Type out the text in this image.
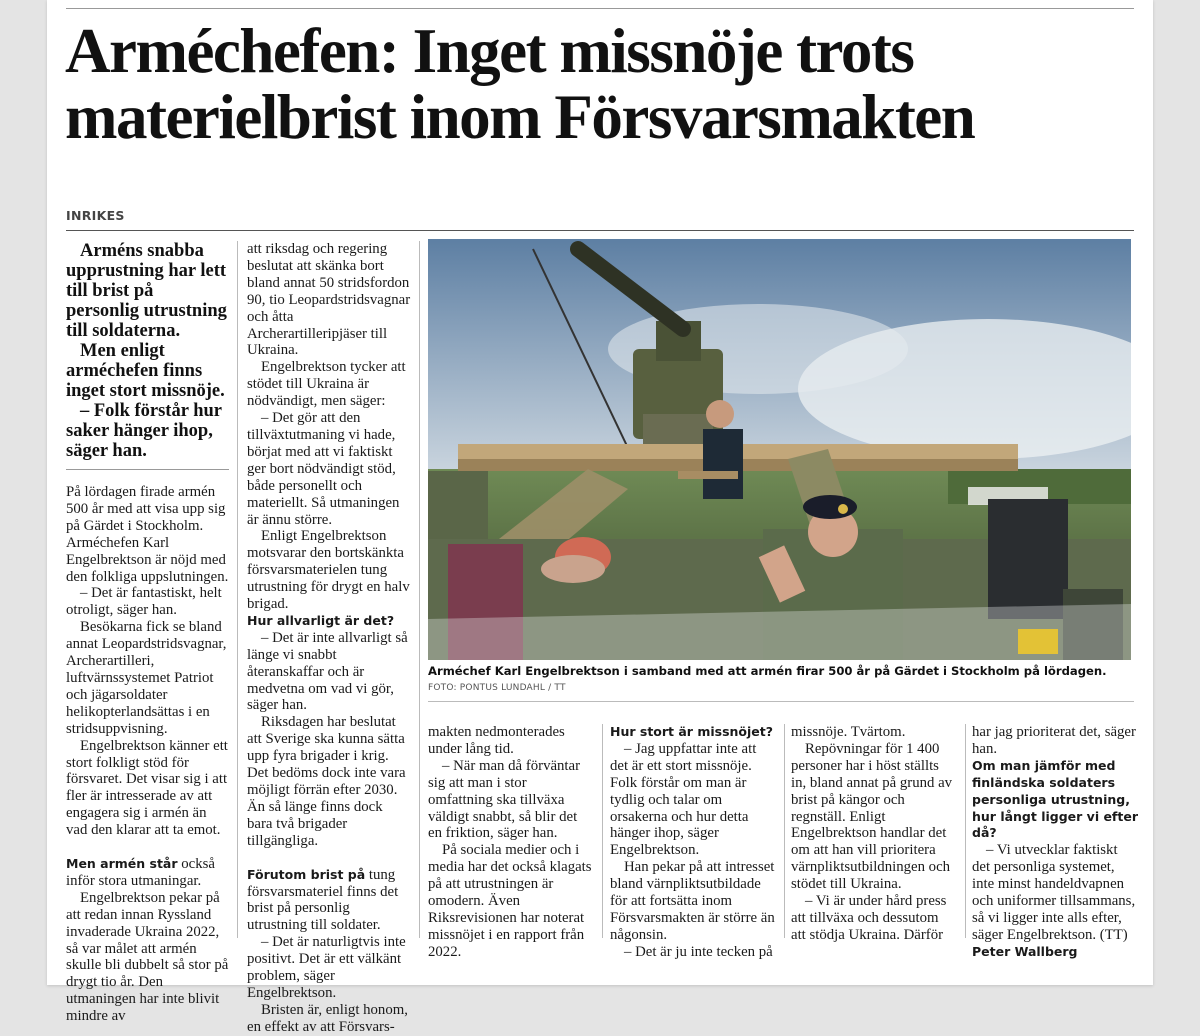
Arméchefen: Inget missnöje trots materielbrist inom Försvarsmakten
INRIKES

Arméns snabba upprustning har lett till brist på personlig utrustning till soldaterna.

Men enligt arméchefen finns inget stort missnöje.

– Folk förstår hur saker hänger ihop, säger han.

På lördagen firade armén 500 år med att visa upp sig på Gärdet i Stockholm. Arméchefen Karl Engelbrektson är nöjd med den folkliga uppslutningen.

– Det är fantastiskt, helt otroligt, säger han.

Besökarna fick se bland annat Leopardstridsvagnar, Archerartilleri, luftvärnssystemet Patriot och jägarsoldater helikopterlandsättas i en stridsuppvisning.

Engelbrektson känner ett stort folkligt stöd för försvaret. Det visar sig i att fler är intresserade av att engagera sig i armén än vad den klarar att ta emot.

Men armén står också inför stora utmaningar.

Engelbrektson pekar på att redan innan Ryssland invaderade Ukraina 2022, så var målet att armén skulle bli dubbelt så stor på drygt tio år. Den utmaningen har inte blivit mindre av

att riksdag och regering beslutat att skänka bort bland annat 50 stridsfordon 90, tio Leopardstridsvagnar och åtta Archerartilleripjäser till Ukraina.

Engelbrektson tycker att stödet till Ukraina är nödvändigt, men säger:

– Det gör att den tillväxtutmaning vi hade, börjat med att vi faktiskt ger bort nödvändigt stöd, både personellt och materiellt. Så utmaningen är ännu större.

Enligt Engelbrektson motsvarar den bortskänkta försvarsmaterielen tung utrustning för drygt en halv brigad.

Hur allvarligt är det?

– Det är inte allvarligt så länge vi snabbt återanskaffar och är medvetna om vad vi gör, säger han.

Riksdagen har beslutat att Sverige ska kunna sätta upp fyra brigader i krig. Det bedöms dock inte vara möjligt förrän efter 2030. Än så länge finns dock bara två brigader tillgängliga.

Förutom brist på tung försvarsmateriel finns det brist på personlig utrustning till soldater.

– Det är naturligtvis inte positivt. Det är ett välkänt problem, säger Engelbrektson.

Bristen är, enligt honom, en effekt av att Försvars-

Arméchef Karl Engelbrektson i samband med att armén firar 500 år på Gärdet i Stockholm på lördagen.
FOTO: PONTUS LUNDAHL / TT

makten nedmonterades under lång tid.

– När man då förväntar sig att man i stor omfattning ska tillväxa väldigt snabbt, så blir det en friktion, säger han.

På sociala medier och i media har det också klagats på att utrustningen är omodern. Även Riksrevisionen har noterat missnöjet i en rapport från 2022.

Hur stort är missnöjet?

– Jag uppfattar inte att det är ett stort missnöje. Folk förstår om man är tydlig och talar om orsakerna och hur detta hänger ihop, säger Engelbrektson.

Han pekar på att intresset bland värnpliktsutbildade för att fortsätta inom Försvarsmakten är större än någonsin.

– Det är ju inte tecken på

missnöje. Tvärtom.

Repövningar för 1 400 personer har i höst ställts in, bland annat på grund av brist på kängor och regnställ. Enligt Engelbrektson handlar det om att han vill prioritera värnpliktsutbildningen och stödet till Ukraina.

– Vi är under hård press att tillväxa och dessutom att stödja Ukraina. Därför

har jag prioriterat det, säger han.

Om man jämför med finländska soldaters personliga utrustning, hur långt ligger vi efter då?

– Vi utvecklar faktiskt det personliga systemet, inte minst handeldvapnen och uniformer tillsammans, så vi ligger inte alls efter, säger Engelbrektson. (TT)

Peter Wallberg
